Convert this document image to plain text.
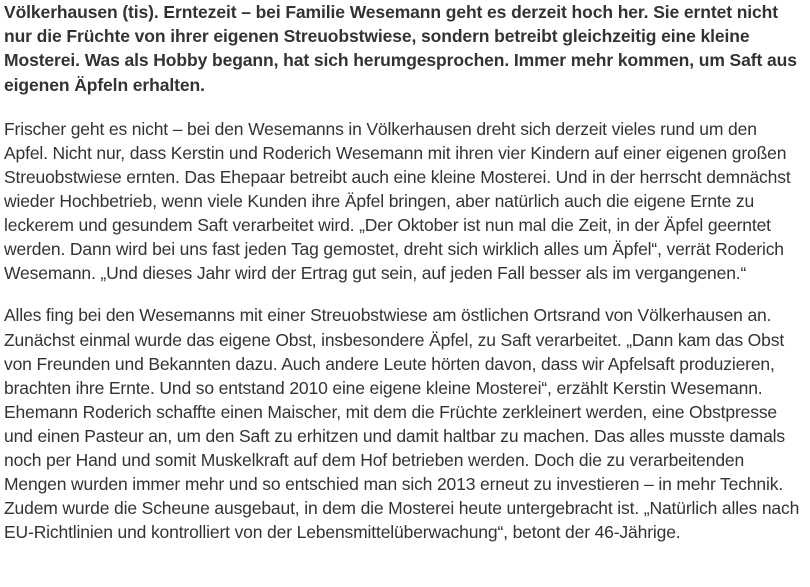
Völkerhausen (tis). Erntezeit – bei Familie Wesemann geht es derzeit hoch her. Sie erntet nicht nur die Früchte von ihrer eigenen Streuobstwiese, sondern betreibt gleichzeitig eine kleine Mosterei. Was als Hobby begann, hat sich herumgesprochen. Immer mehr kommen, um Saft aus eigenen Äpfeln erhalten.

Frischer geht es nicht – bei den Wesemanns in Völkerhausen dreht sich derzeit vieles rund um den Apfel. Nicht nur, dass Kerstin und Roderich Wesemann mit ihren vier Kindern auf einer eigenen großen Streuobstwiese ernten. Das Ehepaar betreibt auch eine kleine Mosterei. Und in der herrscht demnächst wieder Hochbetrieb, wenn viele Kunden ihre Äpfel bringen, aber natürlich auch die eigene Ernte zu leckerem und gesundem Saft verarbeitet wird. „Der Oktober ist nun mal die Zeit, in der Äpfel geerntet werden. Dann wird bei uns fast jeden Tag gemostet, dreht sich wirklich alles um Äpfel“, verrät Roderich Wesemann. „Und dieses Jahr wird der Ertrag gut sein, auf jeden Fall besser als im vergangenen.“

Alles fing bei den Wesemanns mit einer Streuobstwiese am östlichen Ortsrand von Völkerhausen an. Zunächst einmal wurde das eigene Obst, insbesondere Äpfel, zu Saft verarbeitet. „Dann kam das Obst von Freunden und Bekannten dazu. Auch andere Leute hörten davon, dass wir Apfelsaft produzieren, brachten ihre Ernte. Und so entstand 2010 eine eigene kleine Mosterei“, erzählt Kerstin Wesemann. Ehemann Roderich schaffte einen Maischer, mit dem die Früchte zerkleinert werden, eine Obstpresse und einen Pasteur an, um den Saft zu erhitzen und damit haltbar zu machen. Das alles musste damals noch per Hand und somit Muskelkraft auf dem Hof betrieben werden. Doch die zu verarbeitenden Mengen wurden immer mehr und so entschied man sich 2013 erneut zu investieren – in mehr Technik. Zudem wurde die Scheune ausgebaut, in dem die Mosterei heute untergebracht ist. „Natürlich alles nach EU-Richtlinien und kontrolliert von der Lebensmittelüberwachung“, betont der 46-Jährige.
